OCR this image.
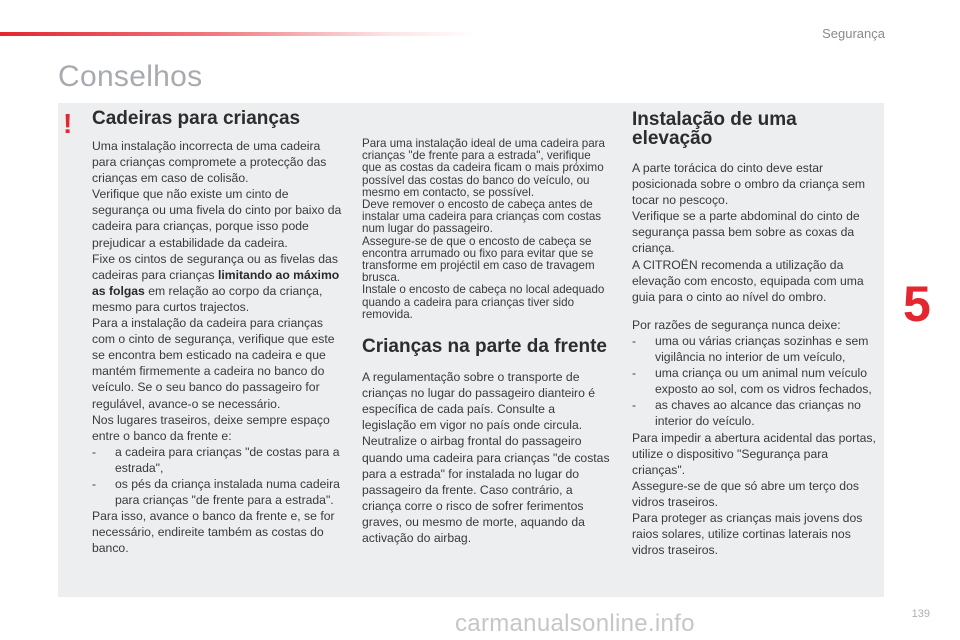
Segurança
Conselhos
! Cadeiras para crianças

Uma instalação incorrecta de uma cadeira para crianças compromete a protecção das crianças em caso de colisão.

Verifique que não existe um cinto de segurança ou uma fivela do cinto por baixo da cadeira para crianças, porque isso pode prejudicar a estabilidade da cadeira.

Fixe os cintos de segurança ou as fivelas das cadeiras para crianças limitando ao máximo as folgas em relação ao corpo da criança, mesmo para curtos trajectos.

Para a instalação da cadeira para crianças com o cinto de segurança, verifique que este se encontra bem esticado na cadeira e que mantém firmemente a cadeira no banco do veículo. Se o seu banco do passageiro for regulável, avance-o se necessário.

Nos lugares traseiros, deixe sempre espaço entre o banco da frente e:

- a cadeira para crianças "de costas para a estrada",
- os pés da criança instalada numa cadeira para crianças "de frente para a estrada".

Para isso, avance o banco da frente e, se for necessário, endireite também as costas do banco.

Para uma instalação ideal de uma cadeira para crianças "de frente para a estrada", verifique que as costas da cadeira ficam o mais próximo possível das costas do banco do veículo, ou mesmo em contacto, se possível.

Deve remover o encosto de cabeça antes de instalar uma cadeira para crianças com costas num lugar do passageiro.

Assegure-se de que o encosto de cabeça se encontra arrumado ou fixo para evitar que se transforme em projéctil em caso de travagem brusca.

Instale o encosto de cabeça no local adequado quando a cadeira para crianças tiver sido removida.

Crianças na parte da frente

A regulamentação sobre o transporte de crianças no lugar do passageiro dianteiro é específica de cada país. Consulte a legislação em vigor no país onde circula.

Neutralize o airbag frontal do passageiro quando uma cadeira para crianças "de costas para a estrada" for instalada no lugar do passageiro da frente. Caso contrário, a criança corre o risco de sofrer ferimentos graves, ou mesmo de morte, aquando da activação do airbag.

Instalação de uma elevação

A parte torácica do cinto deve estar posicionada sobre o ombro da criança sem tocar no pescoço.

Verifique se a parte abdominal do cinto de segurança passa bem sobre as coxas da criança.

A CITROËN recomenda a utilização da elevação com encosto, equipada com uma guia para o cinto ao nível do ombro.

Por razões de segurança nunca deixe:

- uma ou várias crianças sozinhas e sem vigilância no interior de um veículo,
- uma criança ou um animal num veículo exposto ao sol, com os vidros fechados,
- as chaves ao alcance das crianças no interior do veículo.

Para impedir a abertura acidental das portas, utilize o dispositivo "Segurança para crianças".

Assegure-se de que só abre um terço dos vidros traseiros.

Para proteger as crianças mais jovens dos raios solares, utilize cortinas laterais nos vidros traseiros.

5
139
carmanualsonline.info
